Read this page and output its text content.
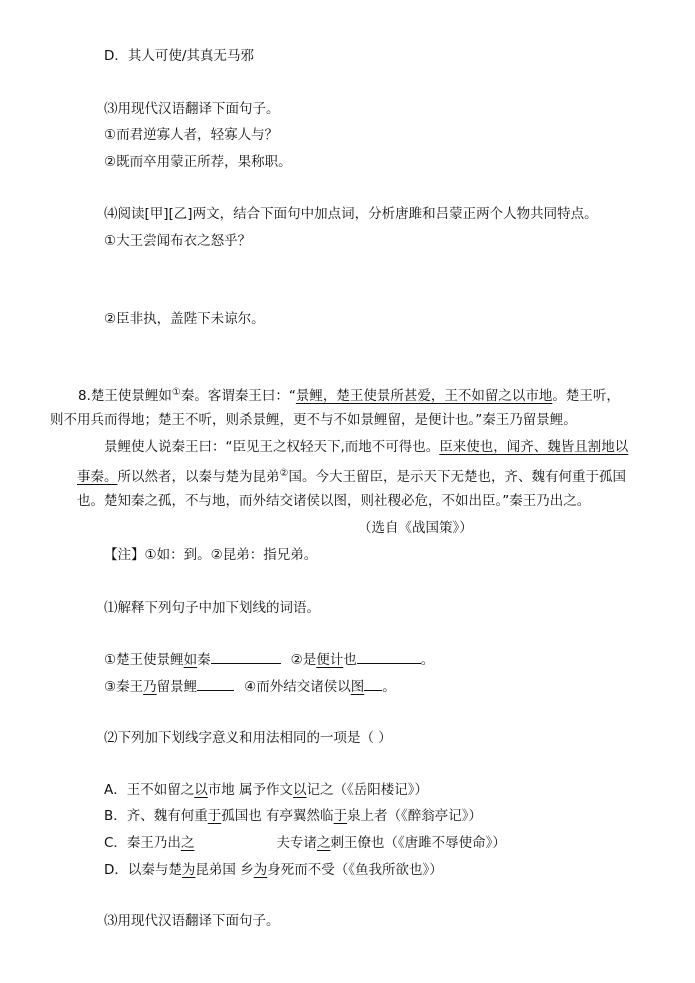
D．其人可使/其真无马邪
⑶用现代汉语翻译下面句子。
①而君逆寡人者，轻寡人与？
②既而卒用蒙正所荐，果称职。
⑷阅读[甲][乙]两文，结合下面句中加点词，分析唐雎和吕蒙正两个人物共同特点。
①大王尝闻布衣之怒乎？
②臣非执，盖陛下未谅尔。
8.楚王使景鲤如①秦。客谓秦王曰：“景鲤，楚王使景所甚爱，王不如留之以市地。楚王听，
则不用兵而得地；楚王不听，则杀景鲤，更不与不如景鲤留，是便计也。”秦王乃留景鲤。
景鲤使人说秦王曰：“臣见王之权轻天下,而地不可得也。臣来使也，闻齐、魏皆且割地以
事秦。所以然者，以秦与楚为昆弟②国。今大王留臣，是示天下无楚也，齐、魏有何重于孤国
也。楚知秦之孤，不与地，而外结交诸侯以图，则社稷必危，不如出臣。”秦王乃出之。
（选自《战国策》）
【注】①如：到。②昆弟：指兄弟。
⑴解释下列句子中加下划线的词语。
①楚王使景鲤如秦	②是便计也	。
③秦王乃留景鲤	④而外结交诸侯以图 。
⑵下列加下划线字意义和用法相同的一项是（ ）
A．王不如留之以市地 属予作文以记之（《岳阳楼记》）
B．齐、魏有何重于孤国也 有亭翼然临于泉上者（《醉翁亭记》）
C．秦王乃出之	夫专诸之刺王僚也（《唐雎不辱使命》）
D．以秦与楚为昆弟国 乡为身死而不受（《鱼我所欲也》）
⑶用现代汉语翻译下面句子。
